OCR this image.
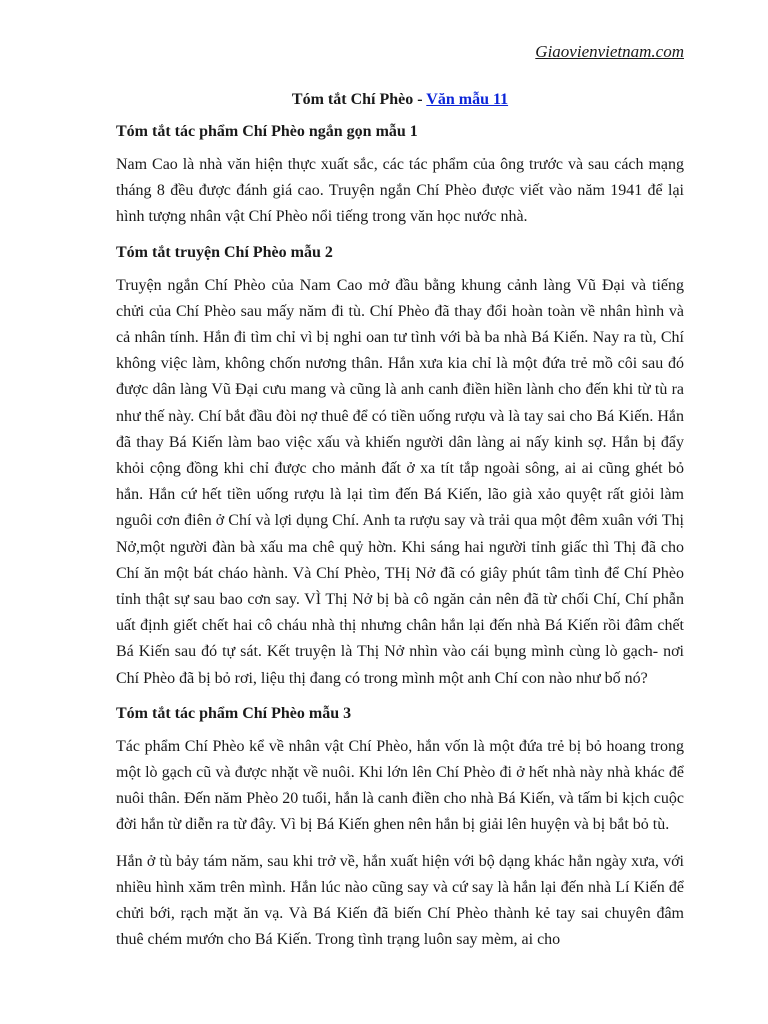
Giaovienvietnam.com
Tóm tắt Chí Phèo - Văn mẫu 11
Tóm tắt tác phẩm Chí Phèo ngắn gọn mẫu 1

Nam Cao là nhà văn hiện thực xuất sắc, các tác phẩm của ông trước và sau cách mạng tháng 8 đều được đánh giá cao. Truyện ngắn Chí Phèo được viết vào năm 1941 để lại hình tượng nhân vật Chí Phèo nổi tiếng trong văn học nước nhà.

Tóm tắt truyện Chí Phèo mẫu 2

Truyện ngắn Chí Phèo của Nam Cao mở đầu bằng khung cảnh làng Vũ Đại và tiếng chửi của Chí Phèo sau mấy năm đi tù. Chí Phèo đã thay đổi hoàn toàn về nhân hình và cả nhân tính. Hắn đi tìm chỉ vì bị nghi oan tư tình với bà ba nhà Bá Kiến. Nay ra tù, Chí không việc làm, không chốn nương thân. Hắn xưa kia chỉ là một đứa trẻ mồ côi sau đó được dân làng Vũ Đại cưu mang và cũng là anh canh điền hiền lành cho đến khi từ tù ra như thế này. Chí bắt đầu đòi nợ thuê để có tiền uống rượu và là tay sai cho Bá Kiến. Hắn đã thay Bá Kiến làm bao việc xấu và khiến người dân làng ai nấy kinh sợ. Hắn bị đẩy khỏi cộng đồng khi chỉ được cho mảnh đất ở xa tít tắp ngoài sông, ai ai cũng ghét bỏ hắn. Hắn cứ hết tiền uống rượu là lại tìm đến Bá Kiến, lão già xảo quyệt rất giỏi làm nguôi cơn điên ở Chí và lợi dụng Chí. Anh ta rượu say và trải qua một đêm xuân với Thị Nở,một người đàn bà xấu ma chê quỷ hờn. Khi sáng hai người tỉnh giấc thì Thị đã cho Chí ăn một bát cháo hành. Và Chí Phèo, THị Nở đã có giây phút tâm tình để Chí Phèo tỉnh thật sự sau bao cơn say. VÌ Thị Nở bị bà cô ngăn cản nên đã từ chối Chí, Chí phẫn uất định giết chết hai cô cháu nhà thị nhưng chân hắn lại đến nhà Bá Kiến rồi đâm chết Bá Kiến sau đó tự sát. Kết truyện là Thị Nở nhìn vào cái bụng mình cùng lò gạch- nơi Chí Phèo đã bị bỏ rơi, liệu thị đang có trong mình một anh Chí con nào như bố nó?

Tóm tắt tác phẩm Chí Phèo mẫu 3

Tác phẩm Chí Phèo kể về nhân vật Chí Phèo, hắn vốn là một đứa trẻ bị bỏ hoang trong một lò gạch cũ và được nhặt về nuôi. Khi lớn lên Chí Phèo đi ở hết nhà này nhà khác để nuôi thân. Đến năm Phèo 20 tuổi, hắn là canh điền cho nhà Bá Kiến, và tấm bi kịch cuộc đời hắn từ diễn ra từ đây. Vì bị Bá Kiến ghen nên hắn bị giải lên huyện và bị bắt bỏ tù.

Hắn ở tù bảy tám năm, sau khi trở về, hắn xuất hiện với bộ dạng khác hẳn ngày xưa, với nhiều hình xăm trên mình. Hắn lúc nào cũng say và cứ say là hắn lại đến nhà Lí Kiến để chửi bới, rạch mặt ăn vạ. Và Bá Kiến đã biến Chí Phèo thành kẻ tay sai chuyên đâm thuê chém mướn cho Bá Kiến. Trong tình trạng luôn say mèm, ai cho
